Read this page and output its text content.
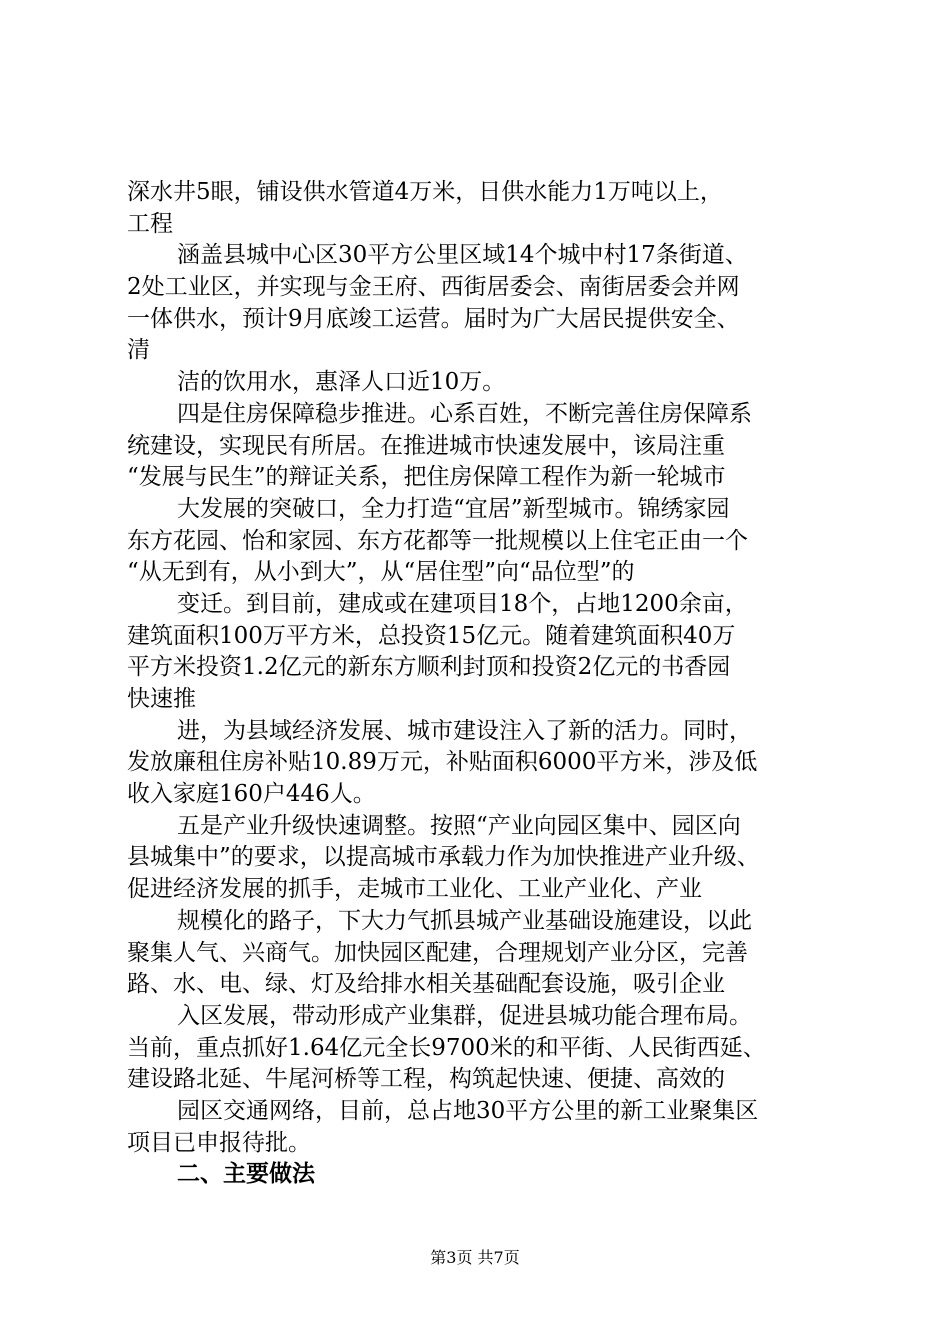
深水井5眼，铺设供水管道4万米，日供水能力1万吨以上，
工程
涵盖县城中心区30平方公里区域14个城中村17条街道、
2处工业区，并实现与金王府、西街居委会、南街居委会并网
一体供水，预计9月底竣工运营。届时为广大居民提供安全、
清
洁的饮用水，惠泽人口近10万。
四是住房保障稳步推进。心系百姓，不断完善住房保障系
统建设，实现民有所居。在推进城市快速发展中，该局注重
“发展与民生”的辩证关系，把住房保障工程作为新一轮城市
大发展的突破口，全力打造“宜居”新型城市。锦绣家园
东方花园、怡和家园、东方花都等一批规模以上住宅正由一个
“从无到有，从小到大”，从“居住型”向“品位型”的
变迁。到目前，建成或在建项目18个，占地1200余亩，
建筑面积100万平方米，总投资15亿元。随着建筑面积40万
平方米投资1.2亿元的新东方顺利封顶和投资2亿元的书香园
快速推
进，为县域经济发展、城市建设注入了新的活力。同时，
发放廉租住房补贴10.89万元，补贴面积6000平方米，涉及低
收入家庭160户446人。
五是产业升级快速调整。按照“产业向园区集中、园区向
县城集中”的要求，以提高城市承载力作为加快推进产业升级、
促进经济发展的抓手，走城市工业化、工业产业化、产业
规模化的路子，下大力气抓县城产业基础设施建设，以此
聚集人气、兴商气。加快园区配建，合理规划产业分区，完善
路、水、电、绿、灯及给排水相关基础配套设施，吸引企业
入区发展，带动形成产业集群，促进县城功能合理布局。
当前，重点抓好1.64亿元全长9700米的和平街、人民街西延、
建设路北延、牛尾河桥等工程，构筑起快速、便捷、高效的
园区交通网络，目前，总占地30平方公里的新工业聚集区
项目已申报待批。
二、主要做法
第3页 共7页
